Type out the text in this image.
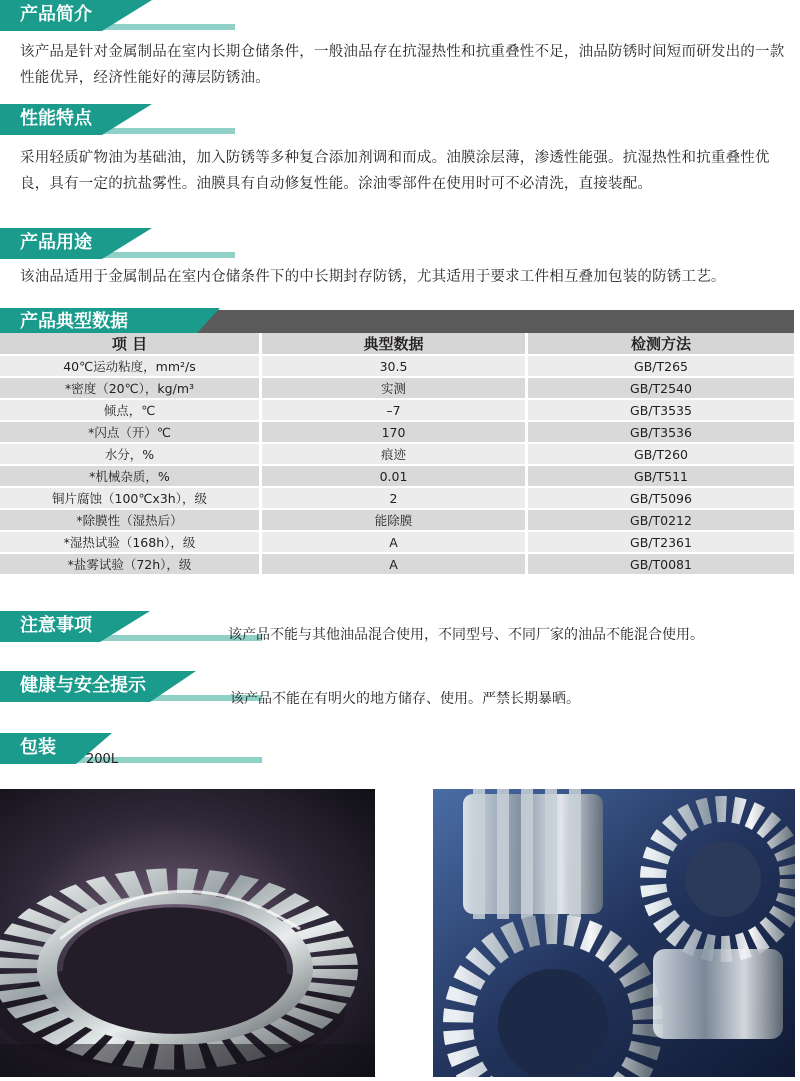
产品简介
该产品是针对金属制品在室内长期仓储条件，一般油品存在抗湿热性和抗重叠性不足，油品防锈时间短而研发出的一款性能优异，经济性能好的薄层防锈油。
性能特点
采用轻质矿物油为基础油，加入防锈等多种复合添加剂调和而成。油膜涂层薄，渗透性能强。抗湿热性和抗重叠性优良，具有一定的抗盐雾性。油膜具有自动修复性能。涂油零部件在使用时可不必清洗，直接装配。
产品用途
该油品适用于金属制品在室内仓储条件下的中长期封存防锈，尤其适用于要求工件相互叠加包装的防锈工艺。
产品典型数据
项 目	典型数据	检测方法
40℃运动粘度，mm²/s	30.5	GB/T265
*密度（20℃），kg/m³	实测	GB/T2540
倾点，℃	–7	GB/T3535
*闪点（开）℃	170	GB/T3536
水分，%	痕迹	GB/T260
*机械杂质，%	0.01	GB/T511
铜片腐蚀（100℃x3h），级	2	GB/T5096
*除膜性（湿热后）	能除膜	GB/T0212
*湿热试验（168h），级	A	GB/T2361
*盐雾试验（72h），级	A	GB/T0081
注意事项	该产品不能与其他油品混合使用，不同型号、不同厂家的油品不能混合使用。
健康与安全提示
该产品不能在有明火的地方储存、使用。严禁长期暴晒。
包装
200L
